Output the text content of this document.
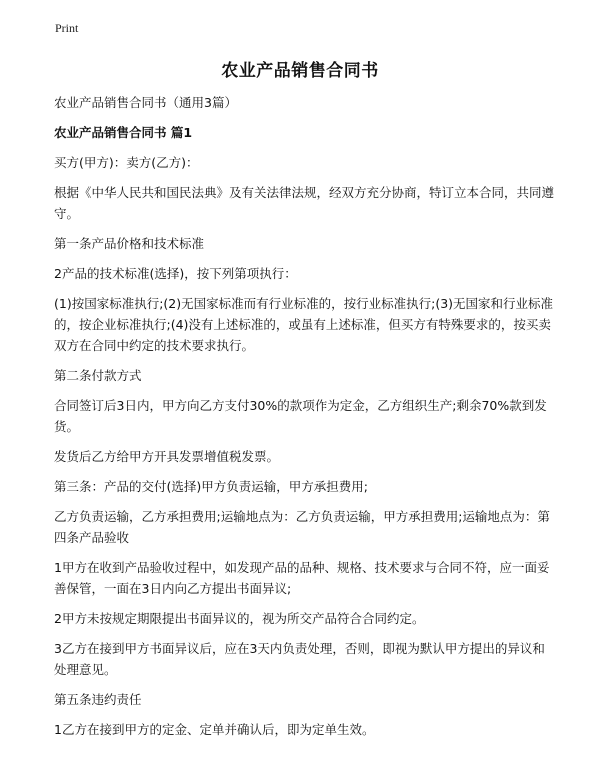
Print
农业产品销售合同书

农业产品销售合同书（通用3篇）

农业产品销售合同书 篇1

买方(甲方)：卖方(乙方)：

根据《中华人民共和国民法典》及有关法律法规，经双方充分协商，特订立本合同，共同遵守。

第一条产品价格和技术标准

2产品的技术标准(选择)，按下列第项执行：

(1)按国家标准执行;(2)无国家标准而有行业标准的，按行业标准执行;(3)无国家和行业标准的，按企业标准执行;(4)没有上述标准的，或虽有上述标准，但买方有特殊要求的，按买卖双方在合同中约定的技术要求执行。

第二条付款方式

合同签订后3日内，甲方向乙方支付30%的款项作为定金，乙方组织生产;剩余70%款到发货。

发货后乙方给甲方开具发票增值税发票。

第三条：产品的交付(选择)甲方负责运输，甲方承担费用;

乙方负责运输，乙方承担费用;运输地点为：乙方负责运输，甲方承担费用;运输地点为：第四条产品验收

1甲方在收到产品验收过程中，如发现产品的品种、规格、技术要求与合同不符，应一面妥善保管，一面在3日内向乙方提出书面异议;

2甲方未按规定期限提出书面异议的，视为所交产品符合合同约定。

3乙方在接到甲方书面异议后，应在3天内负责处理，否则，即视为默认甲方提出的异议和处理意见。

第五条违约责任

1乙方在接到甲方的定金、定单并确认后，即为定单生效。
